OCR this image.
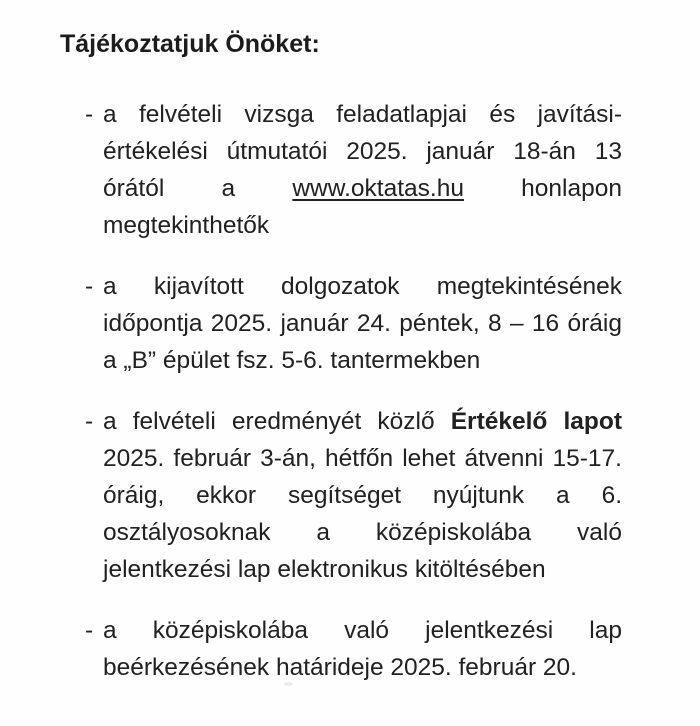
Tájékoztatjuk Önöket:
- a felvételi vizsga feladatlapjai és javítási-értékelési útmutatói 2025. január 18-án 13 órától a www.oktatas.hu honlapon megtekinthetők
- a kijavított dolgozatok megtekintésének időpontja 2025. január 24. péntek, 8 – 16 óráig a „B” épület fsz. 5-6. tantermekben
- a felvételi eredményét közlő Értékelő lapot 2025. február 3-án, hétfőn lehet átvenni 15-17. óráig, ekkor segítséget nyújtunk a 6. osztályosoknak a középiskolába való jelentkezési lap elektronikus kitöltésében
- a középiskolába való jelentkezési lap beérkezésének határideje 2025. február 20.
